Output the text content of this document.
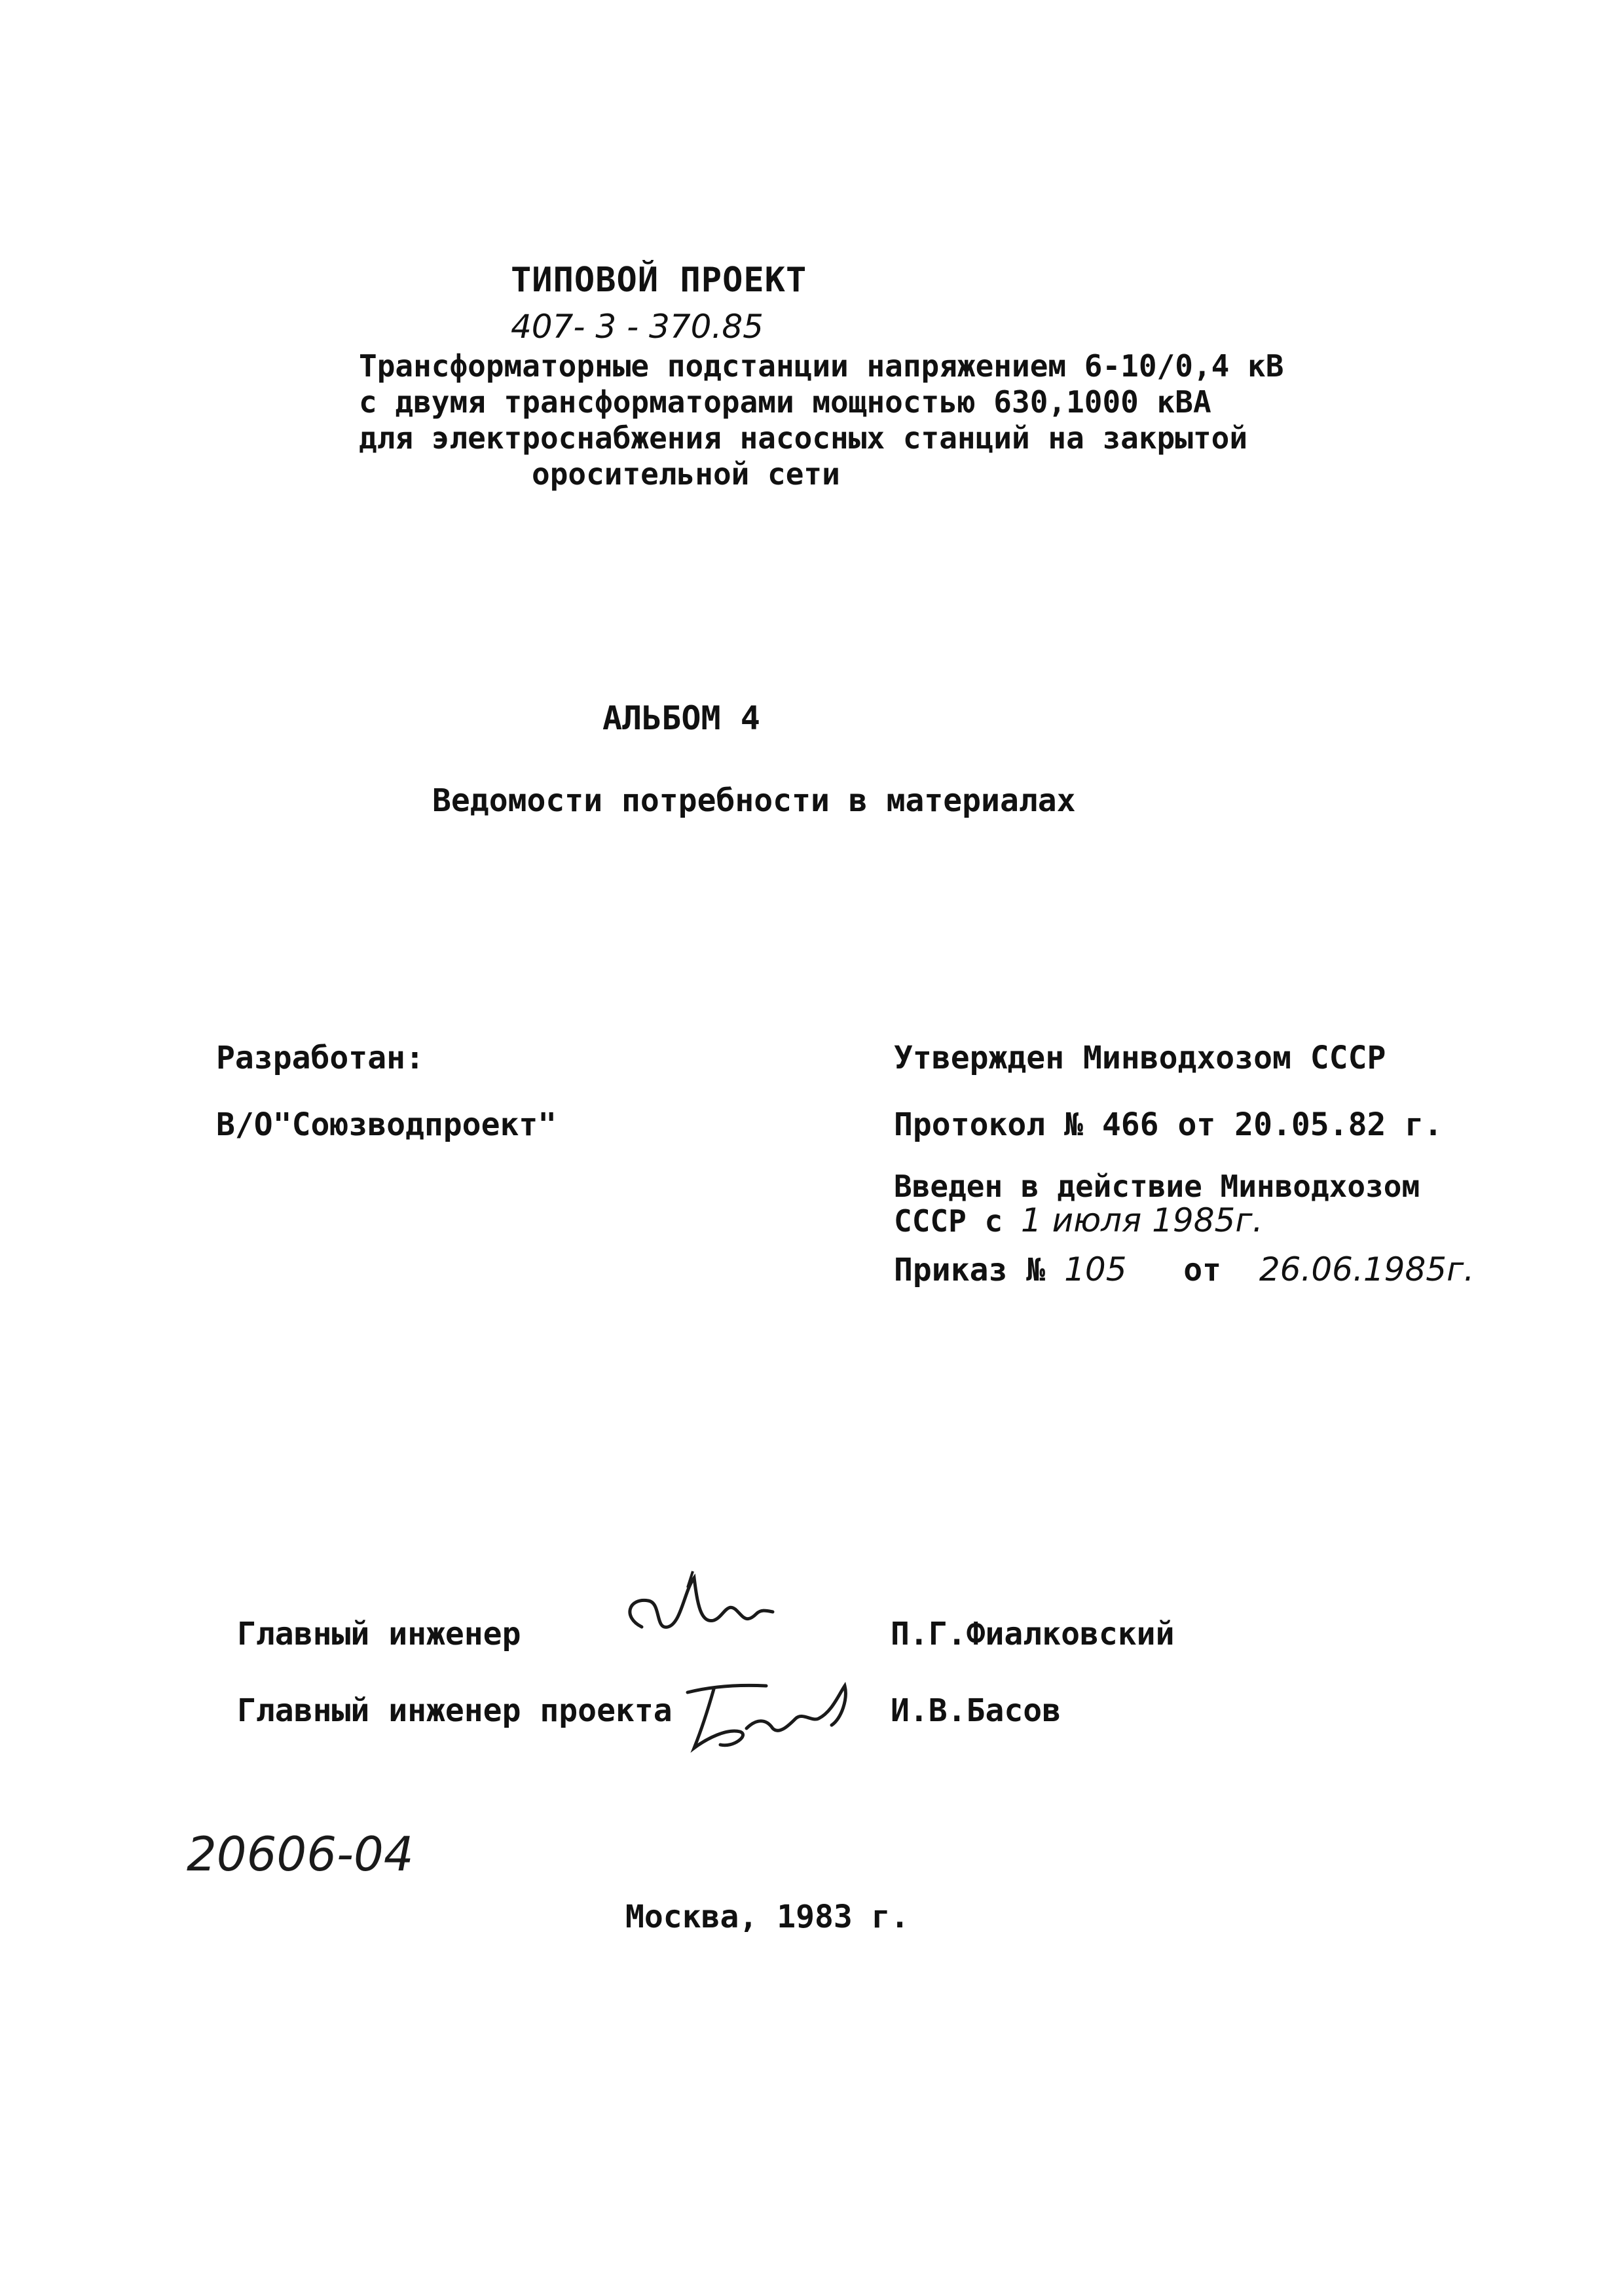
ТИПОВОЙ ПРОЕКТ
407- 3 - 370.85
Трансформаторные подстанции напряжением 6-10/0,4 кВ
с двумя трансформаторами мощностью 630,1000 кВА
для электроснабжения насосных станций на закрытой
оросительной сети
АЛЬБОМ 4
Ведомости потребности в материалах
Разработан:
В/О"Союзводпроект"
Утвержден Минводхозом СССР
Протокол № 466 от 20.05.82 г.
Введен в действие Минводхозом
СССР с 1 июля 1985г.
Приказ № 105 от 26.06.1985г.
Главный инженер	П.Г.Фиалковский
Главный инженер проекта	И.В.Басов
20606-04
Москва, 1983 г.
